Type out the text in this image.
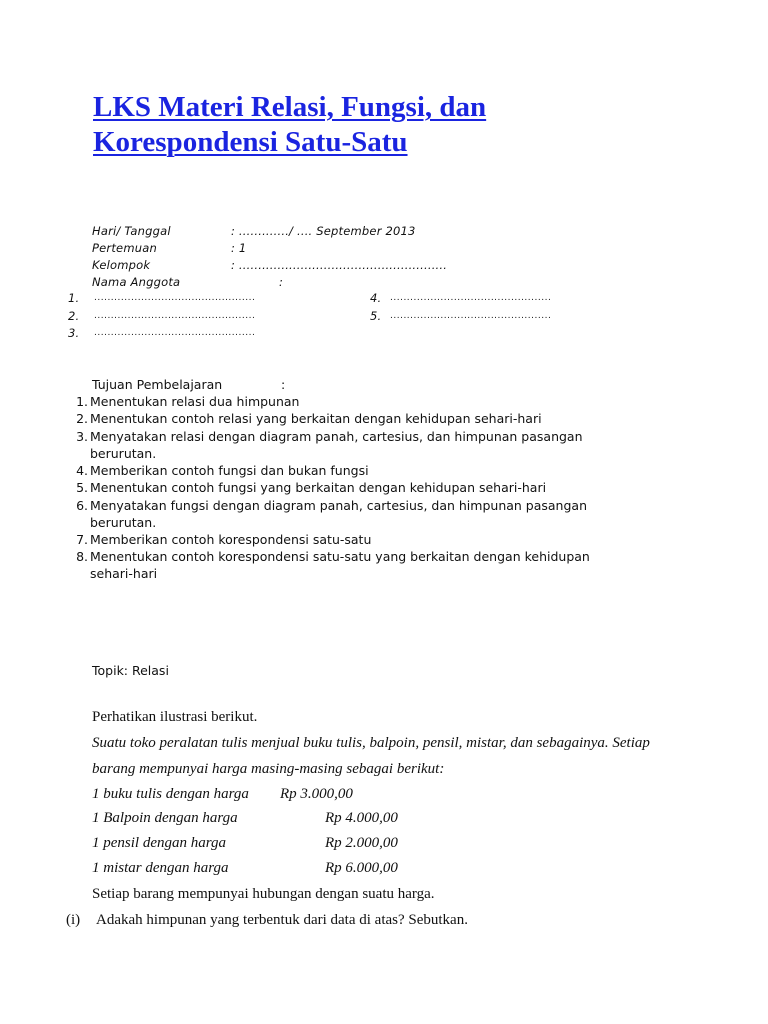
LKS Materi Relasi, Fungsi, dan
Korespondensi Satu-Satu
Hari/ Tanggal	: ............./ .... September 2013
Pertemuan	: 1
Kelompok	: ......................................................
Nama Anggota	:
1. ................................................
2. ................................................
3. ................................................
4. ................................................
5. ................................................
Tujuan Pembelajaran	:
1. Menentukan relasi dua himpunan
2. Menentukan contoh relasi yang berkaitan dengan kehidupan sehari-hari
3. Menyatakan relasi dengan diagram panah, cartesius, dan himpunan pasangan
berurutan.
4. Memberikan contoh fungsi dan bukan fungsi
5. Menentukan contoh fungsi yang berkaitan dengan kehidupan sehari-hari
6. Menyatakan fungsi dengan diagram panah, cartesius, dan himpunan pasangan
berurutan.
7. Memberikan contoh korespondensi satu-satu
8. Menentukan contoh korespondensi satu-satu yang berkaitan dengan kehidupan
sehari-hari
Topik: Relasi
Perhatikan ilustrasi berikut.
Suatu toko peralatan tulis menjual buku tulis, balpoin, pensil, mistar, dan sebagainya. Setiap
barang mempunyai harga masing-masing sebagai berikut:
1 buku tulis dengan harga Rp 3.000,00
1 Balpoin dengan harga	Rp 4.000,00
1 pensil dengan harga	Rp 2.000,00
1 mistar dengan harga	Rp 6.000,00
Setiap barang mempunyai hubungan dengan suatu harga.
(i) Adakah himpunan yang terbentuk dari data di atas? Sebutkan.
